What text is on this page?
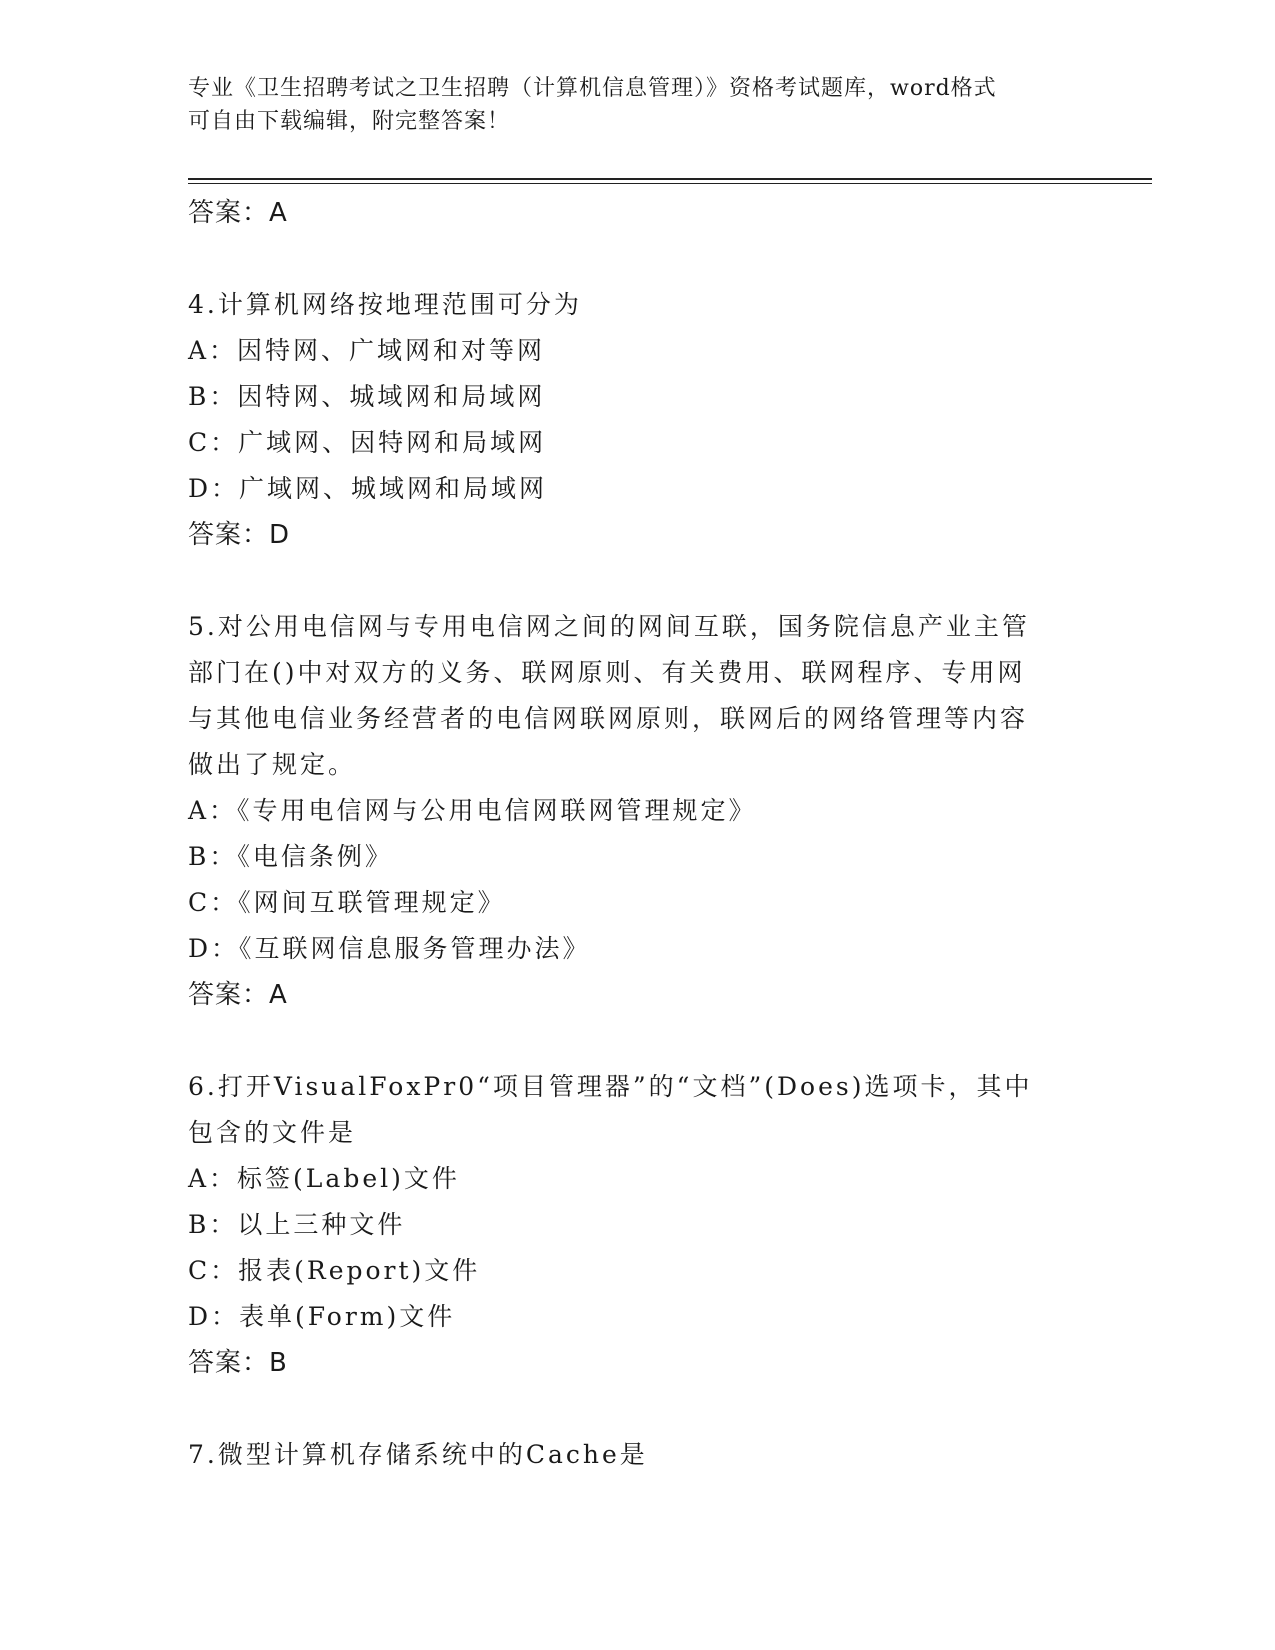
专业《卫生招聘考试之卫生招聘（计算机信息管理）》资格考试题库，word格式
可自由下载编辑，附完整答案！
答案：A
4.计算机网络按地理范围可分为
A：因特网、广域网和对等网
B：因特网、城域网和局域网
C：广域网、因特网和局域网
D：广域网、城域网和局域网
答案：D
5.对公用电信网与专用电信网之间的网间互联，国务院信息产业主管
部门在()中对双方的义务、联网原则、有关费用、联网程序、专用网
与其他电信业务经营者的电信网联网原则，联网后的网络管理等内容
做出了规定。
A：《专用电信网与公用电信网联网管理规定》
B：《电信条例》
C：《网间互联管理规定》
D：《互联网信息服务管理办法》
答案：A
6.打开VisualFoxPr0“项目管理器”的“文档”(Does)选项卡，其中
包含的文件是
A：标签(Label)文件
B：以上三种文件
C：报表(Report)文件
D：表单(Form)文件
答案：B
7.微型计算机存储系统中的Cache是
